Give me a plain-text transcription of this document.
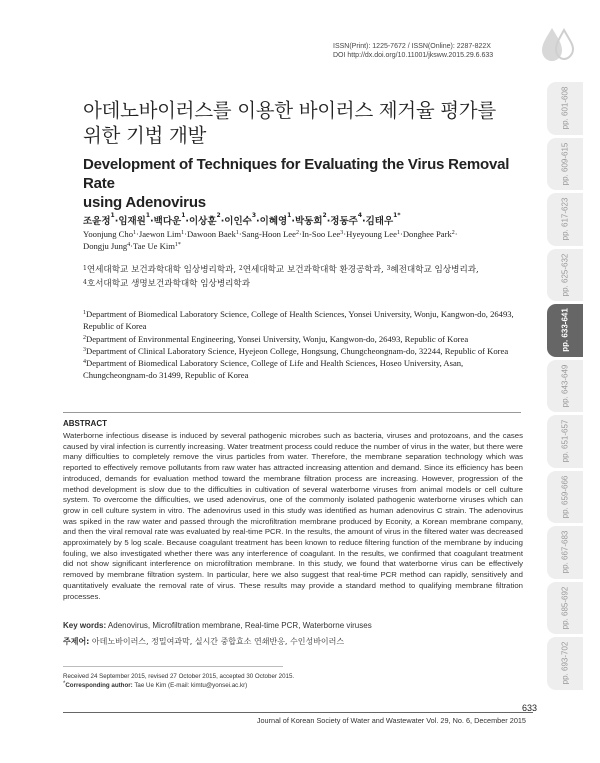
ISSN(Print): 1225-7672 / ISSN(Online): 2287-822X
DOI http://dx.doi.org/10.11001/jksww.2015.29.6.633
아데노바이러스를 이용한 바이러스 제거율 평가를
위한 기법 개발
Development of Techniques for Evaluating the Virus Removal Rate
using Adenovirus
조윤정$^1$·임재원$^1$·백다운$^1$·이상훈$^2$·이인수$^3$·이혜영$^1$·박동희$^2$·정동주$^4$·김태우$^{1*}$
Yoonjung Cho$^1$·Jaewon Lim$^1$·Dawoon Baek$^1$·Sang-Hoon Lee$^2$·In-Soo Lee$^3$·Hyeyoung Lee$^1$·Donghee Park$^2$·
Dongju Jung$^4$·Tae Ue Kim$^{1*}$
$^1$연세대학교 보건과학대학 임상병리학과, $^2$연세대학교 보건과학대학 환경공학과, $^3$혜전대학교 임상병리과,
$^4$호서대학교 생명보건과학대학 임상병리학과

$^1$Department of Biomedical Laboratory Science, College of Health Sciences, Yonsei University, Wonju, Kangwon-do, 26493, Republic of Korea

$^2$Department of Environmental Engineering, Yonsei University, Wonju, Kangwon-do, 26493, Republic of Korea

$^3$Department of Clinical Laboratory Science, Hyejeon College, Hongsung, Chungcheongnam-do, 32244, Republic of Korea

$^4$Department of Biomedical Laboratory Science, College of Life and Health Sciences, Hoseo University, Asan, Chungcheongnam-do 31499, Republic of Korea

ABSTRACT
Waterborne infectious disease is induced by several pathogenic microbes such as bacteria, viruses and protozoans, and the cases caused by viral infection is currently increasing. Water treatment process could reduce the number of virus in the water, but there were many difficulties to completely remove the virus particles from water. Therefore, the membrane separation technology which was reported to effectively remove pollutants from raw water has attracted increasing attention and demand. Since its efficiency has been introduced, demands for evaluation method toward the membrane filtration process are increasing. However, progression of the method development is slow due to the difficulties in cultivation of several waterborne viruses from animal models or cell culture system. To overcome the difficulties, we used adenovirus, one of the commonly isolated pathogenic waterborne viruses which can grow in cell culture system in vitro. The adenovirus used in this study was identified as human adenovirus C strain. The adenovirus was spiked in the raw water and passed through the microfiltration membrane produced by Econity, a Korean membrane company, and then the viral removal rate was evaluated by real-time PCR. In the results, the amount of virus in the filtered water was decreased approximately by 5 log scale. Because coagulant treatment has been known to reduce filtering function of the membrane by inducing fouling, we also investigated whether there was any interference of coagulant. In the results, we confirmed that coagulant treatment did not show significant interference on microfiltration membrane. In this study, we found that waterborne virus can be effectively removed by membrane filtration system. In particular, here we also suggest that real-time PCR method can rapidly, sensitively and quantitatively evaluate the removal rate of virus. These results may provide a standard method to qualifying membrane filtration processes.
Key words: Adenovirus, Microfiltration membrane, Real-time PCR, Waterborne viruses
주제어: 아데노바이러스, 정밀여과막, 실시간 중합효소 연쇄반응, 수인성바이러스
Received 24 September 2015, revised 27 October 2015, accepted 30 October 2015.
*Corresponding author: Tae Ue Kim (E-mail: kimtu@yonsei.ac.kr)
633
Journal of Korean Society of Water and Wastewater Vol. 29, No. 6, December 2015
pp. 601-608
pp. 609-615
pp. 617-623
pp. 625-632
pp. 633-641
pp. 643-649
pp. 651-657
pp. 659-666
pp. 667-683
pp. 685-692
pp. 693-702
